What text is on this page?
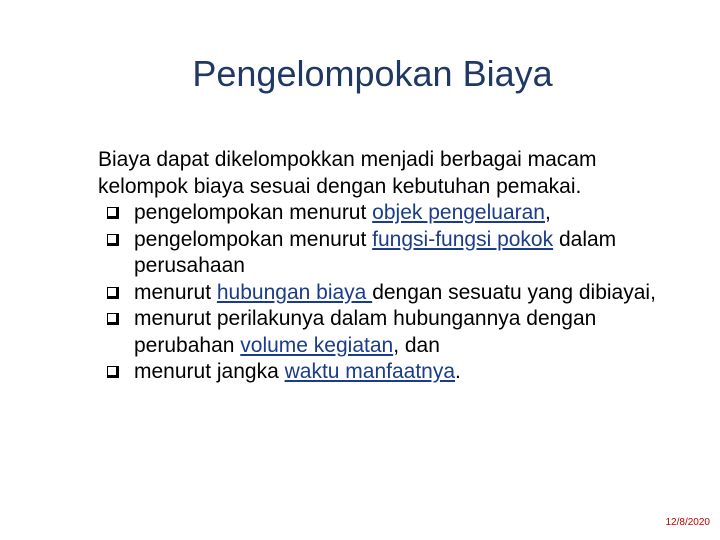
Pengelompokan Biaya
Biaya dapat dikelompokkan menjadi berbagai macam
kelompok biaya sesuai dengan kebutuhan pemakai.
pengelompokan menurut objek pengeluaran,
pengelompokan menurut fungsi-fungsi pokok dalam perusahaan
menurut hubungan biaya dengan sesuatu yang dibiayai,
menurut perilakunya dalam hubungannya dengan perubahan volume kegiatan, dan
menurut jangka waktu manfaatnya.
12/8/2020
